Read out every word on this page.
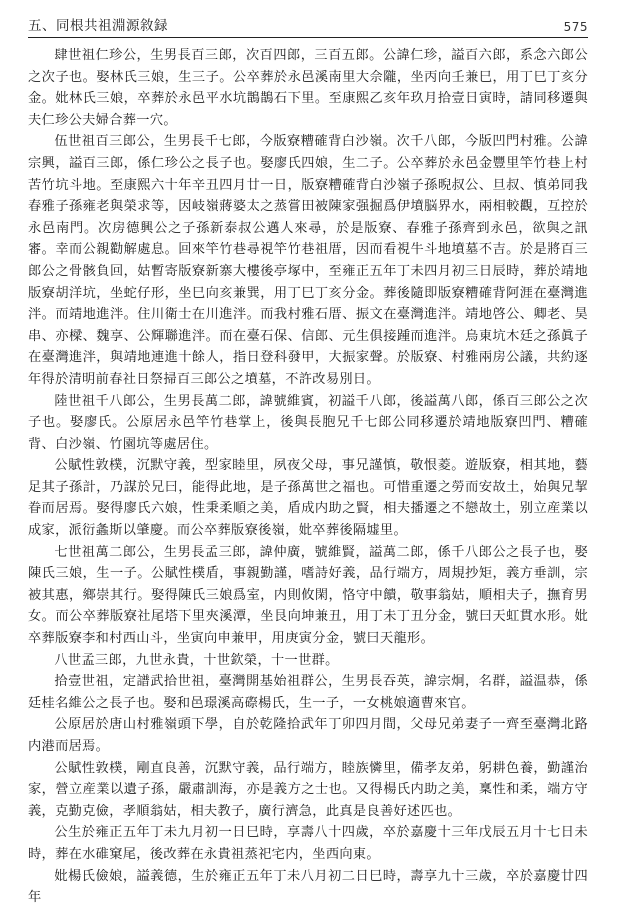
五、同根共祖淵源敘録	575

肆世祖仁珍公，生男長百三郎，次百四郎，三百五郎。公諱仁珍，謚百六郎，系念六郎公之次子也。娶林氏三娘，生三子。公卒葬於永邑溪南里大佘隴，坐丙向壬兼巳，用丁巳丁亥分金。妣林氏三娘，卒葬於永邑平水坑鵲鵲石下里。至康熙乙亥年玖月拾壹日寅時，請同移遷與夫仁珍公夫婦合葬一穴。

伍世祖百三郎公，生男長千七郎，今版寮糟確背白沙嶺。次千八郎，今版凹門村雅。公諱宗興，謚百三郎，係仁珍公之長子也。娶廖氏四娘，生二子。公卒葬於永邑金豐里竿竹巷上村苦竹坑斗地。至康熙六十年辛丑四月廿一日，版寮糟確背白沙嶺子孫晲叔公、旦叔、慎弟同我春雅子孫雍老與榮求等，因岐嶺蔣婆太之蒸嘗田被陳家强掘爲伊墳脳界水，兩相較觀，互控於永邑南門。次房德興公之子孫新泰叔公邁人來尋，於是版寮、春雅子孫齊到永邑，欲與之訊審。幸而公親勸解處息。回來竿竹巷尋視竿竹巷祖厝，因而看視牛斗地墳墓不吉。於是將百三郎公之骨骸負回，姑暫寄版寮新寨大樓後亭塚中，至雍正五年丁未四月初三日辰時，葬於靖地版寮胡洋坑，坐蛇仔形，坐巳向亥兼巽，用丁巳丁亥分金。葬後隨即版寮糟確背阿涯在臺灣進泮。而靖地進泮。住川衛士在川進泮。而我村雅石厝、振文在臺灣進泮。靖地啓公、卿老、昊串、亦樑、魏享、公輝聯進泮。而在臺石保、信郎、元生俱接踵而進泮。烏東坑木廷之孫眞子在臺灣進泮，與靖地連進十餘人，指日登科發甲，大振家聲。於版寮、村雅兩房公議，共約逐年得於清明前春社日祭掃百三郎公之墳墓，不許改易別日。

陸世祖千八郎公，生男長萬二郎，諱號維賓，初謚千八郎，後謚萬八郎，係百三郎公之次子也。娶廖氏。公原居永邑竿竹巷掌上，後與長胞兄千七郎公同移遷於靖地版寮凹門、糟確背、白沙嶺、竹園坑等處居住。

公賦性敦樸，沉默守義，型家睦里，夙夜父母，事兄謹慎，敬恨菱。遊版寮，相其地，藝足其子孫計，乃謀於兄曰，能得此地，是子孫萬世之福也。可惜重遷之勞而安故土，始與兄挈眷而居焉。娶得廖氏六娘，性秉柔順之美，盾成内助之賢，相夫播遷之不戀故土，别立産業以成家，派衍螽斯以肇慶。而公卒葬版寮後嶺，妣卒葬後隔墟里。

七世祖萬二郎公，生男長孟三郎，諱仲廣，號維賢，謚萬二郎，係千八郎公之長子也，娶陳氏三娘，生一子。公賦性樸盾，事親勤謹，嗜詩好義，品行端方，周規抄矩，義方垂訓，宗被其惠，鄉崇其行。娶得陳氏三娘爲室，内則攸閑，恪守中饋，敬事翁姑，順相夫子，撫育男女。而公卒葬版寮社尾塔下里夾溪潭，坐艮向坤兼丑，用丁未丁丑分金，號曰天虹貫水形。妣卒葬版寮李和村西山斗，坐寅向申兼甲，用庚寅分金，號曰天龍形。

八世孟三郎，九世永貴，十世欽榮，十一世群。

拾壹世祖，定譜武拾世祖，臺灣開基始祖群公，生男長吞英，諱宗炯，名群，謚温恭，係廷桂名維公之長子也。娶和邑璟溪高磜楊氏，生一子，一女桃娘適曹來官。

公原居於唐山村雅嶺頭下學，自於乾隆拾武年丁卯四月間，父母兄弟妻子一齊至臺灣北路内港而居焉。

公賦性敦樸，剛直良善，沉默守義，品行端方，睦族憐里，備孝友弟，躬耕色養，勤謹治家，營立産業以遺子孫，嚴肅訓海，亦是義方之士也。又得楊氏内助之美，稟性和柔，端方守義，克勤克儉，孝順翁姑，相夫教子，廣行濟急，此真是良善好述匹也。

公生於雍正五年丁未九月初一日巳時，享壽八十四歲，卒於嘉慶十三年戊辰五月十七日未時，葬在水碓窠尾，後改葬在永貴祖蒸祀宅内，坐西向東。

妣楊氏儉娘，謚義德，生於雍正五年丁未八月初二日巳時，壽享九十三歲，卒於嘉慶廿四年
